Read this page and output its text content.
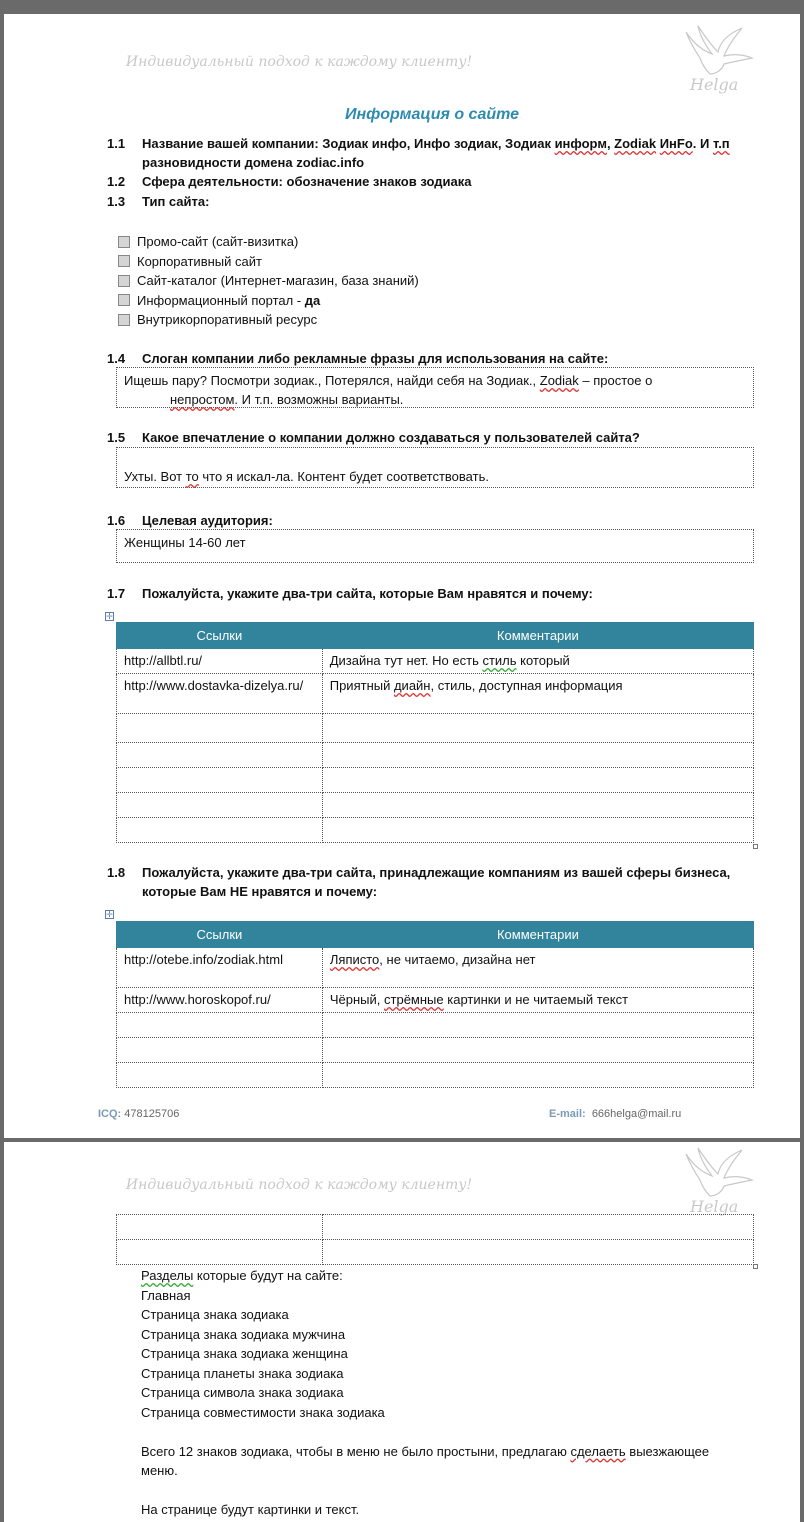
Индивидуальный подход к каждому клиенту!
Helga
Информация о сайте
1.1 Название вашей компании: Зодиак инфо, Инфо зодиак, Зодиак информ, Zodiak ИнFo. И т.п разновидности домена zodiac.info
1.2 Сфера деятельности: обозначение знаков зодиака
1.3 Тип сайта:
Промо-сайт (сайт-визитка)
Корпоративный сайт
Сайт-каталог (Интернет-магазин, база знаний)
Информационный портал - да
Внутрикорпоративный ресурс
1.4 Слоган компании либо рекламные фразы для использования на сайте:
Ищешь пару? Посмотри зодиак., Потерялся, найди себя на Зодиак., Zodiak – простое о
непростом. И т.п. возможны варианты.
1.5 Какое впечатление о компании должно создаваться у пользователей сайта?
Ухты. Вот то что я искал-ла. Контент будет соответствовать.
1.6 Целевая аудитория:
Женщины 14-60 лет
1.7 Пожалуйста, укажите два-три сайта, которые Вам нравятся и почему:
✛
Ссылки	Комментарии
http://allbtl.ru/	Дизайна тут нет. Но есть стиль который
http://www.dostavka-dizelya.ru/	Приятный диайн, стиль, доступная информация

1.8 Пожалуйста, укажите два-три сайта, принадлежащие компаниям из вашей сферы бизнеса, которые Вам НЕ нравятся и почему:
✛
Ссылки	Комментарии
http://otebe.info/zodiak.html	Ляписто, не читаемо, дизайна нет
http://www.horoskopof.ru/	Чёрный, стрёмные картинки и не читаемый текст

ICQ: 478125706	E-mail: 666helga@mail.ru
Индивидуальный подход к каждому клиенту!
Helga

Разделы которые будут на сайте:
Главная
Страница знака зодиака
Страница знака зодиака мужчина
Страница знака зодиака женщина
Страница планеты знака зодиака
Страница символа знака зодиака
Страница совместимости знака зодиака
Всего 12 знаков зодиака, чтобы в меню не было простыни, предлагаю сделаеть выезжающее меню.
На странице будут картинки и текст.
